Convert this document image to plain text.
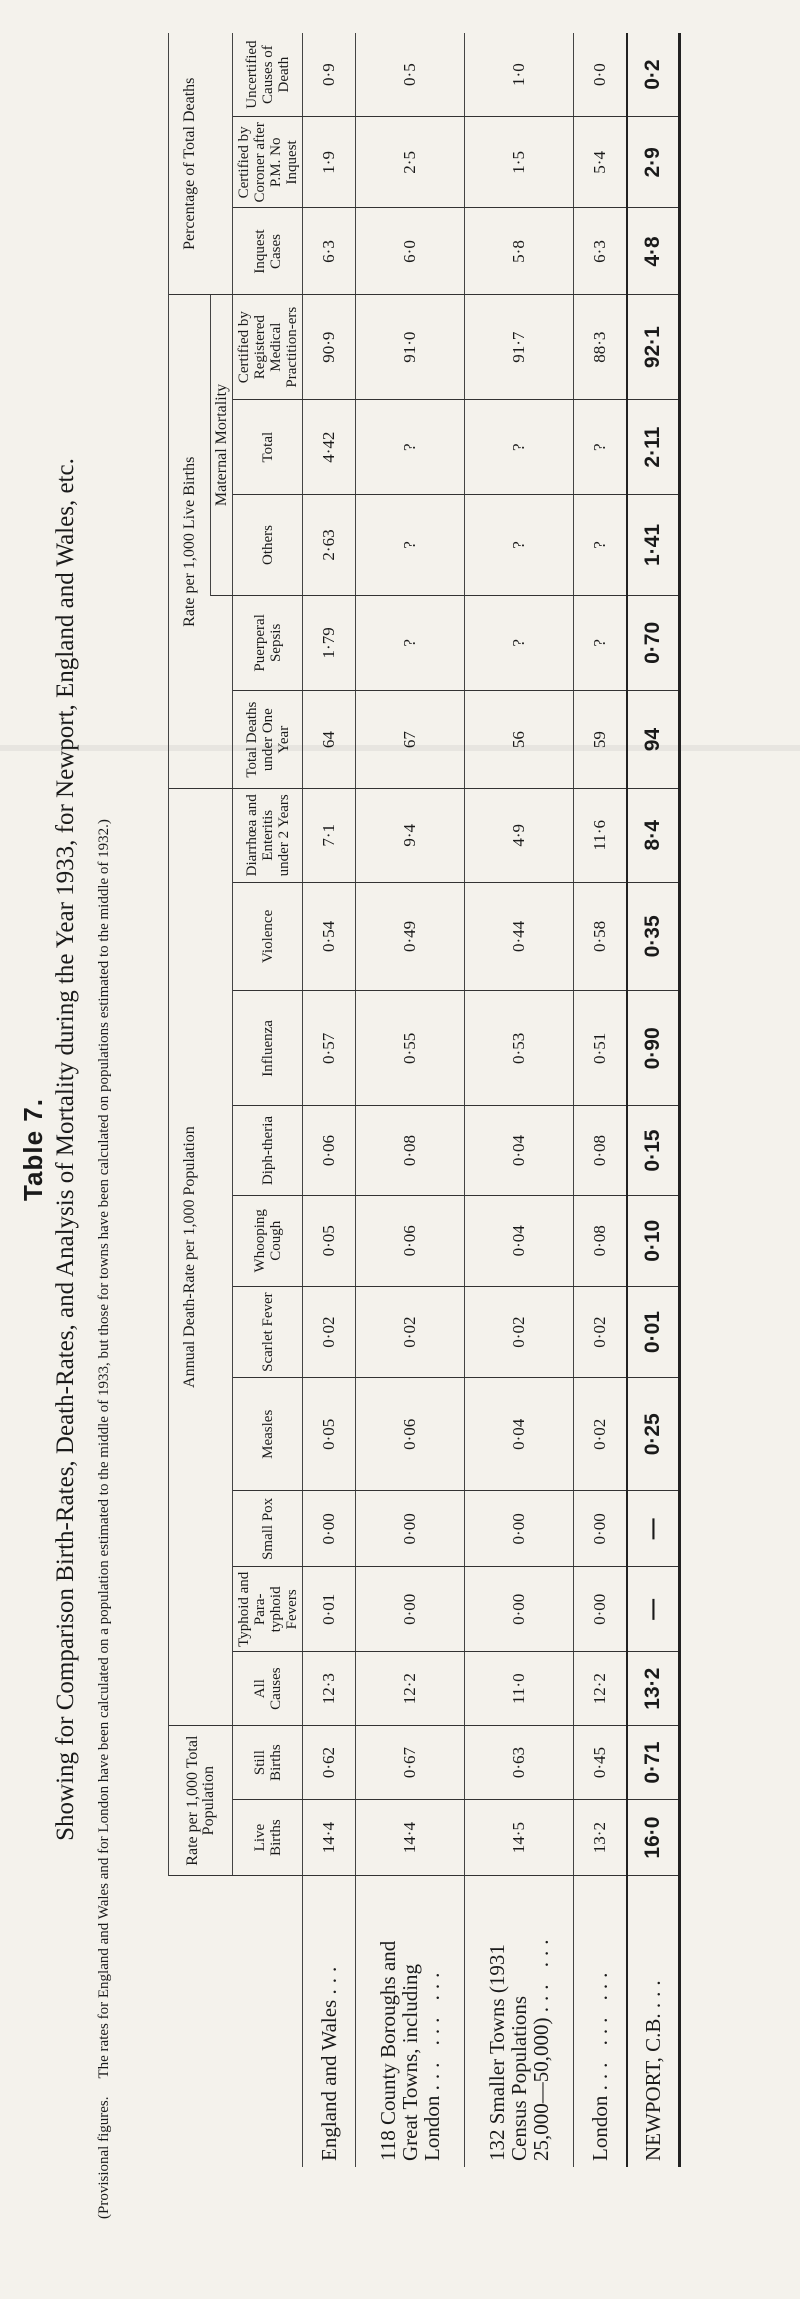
Table 7. Showing for Comparison Birth-Rates, Death-Rates, and Analysis of Mortality during the Year 1933, for Newport, England and Wales, etc.
(Provisional figures.The rates for England and Wales and for London have been calculated on a population estimated to the middle of 1933, but those for towns have been calculated on populations estimated to the middle of 1932.)
		Rate per 1,000 Total Population		Annual Death-Rate per 1,000 Population										Rate per 1,000 Live Births					Percentage of Total Deaths		
															Maternal Mortality					
	Live Births	Still Births	All Causes	Typhoid and Para-typhoid Fevers	Small Pox	Measles	Scarlet Fever	Whooping Cough	Diph-theria	Influenza	Violence	Diarrhœa and Enteritis under 2 Years	Total Deaths under One Year	Puerperal Sepsis	Others	Total	Certified by Registered Medical Practition-ers	Inquest Cases	Certified by Coroner after P.M. No Inquest	Uncertified Causes of Death
England and Wales ...	14·4	0·62	12·3	0·01	0·00	0·05	0·02	0·05	0·06	0·57	0·54	7·1	64	1·79	2·63	4·42	90·9	6·3	1·9	0·9
118 County Boroughs and
Great Towns, including
London ... ... ...	14·4	0·67	12·2	0·00	0·00	0·06	0·02	0·06	0·08	0·55	0·49	9·4	67	?	?	?	91·0	6·0	2·5	0·5
132 Smaller Towns (1931
Census Populations
25,000—50,000) ... ...	14·5	0·63	11·0	0·00	0·00	0·04	0·02	0·04	0·04	0·53	0·44	4·9	56	?	?	?	91·7	5·8	1·5	1·0
London ... ... ...	13·2	0·45	12·2	0·00	0·00	0·02	0·02	0·08	0·08	0·51	0·58	11·6	59	?	?	?	88·3	6·3	5·4	0·0
NEWPORT, C.B. ...	16·0	0·71	13·2	—	—	0·25	0·01	0·10	0·15	0·90	0·35	8·4	94	0·70	1·41	2·11	92·1	4·8	2·9	0·2
